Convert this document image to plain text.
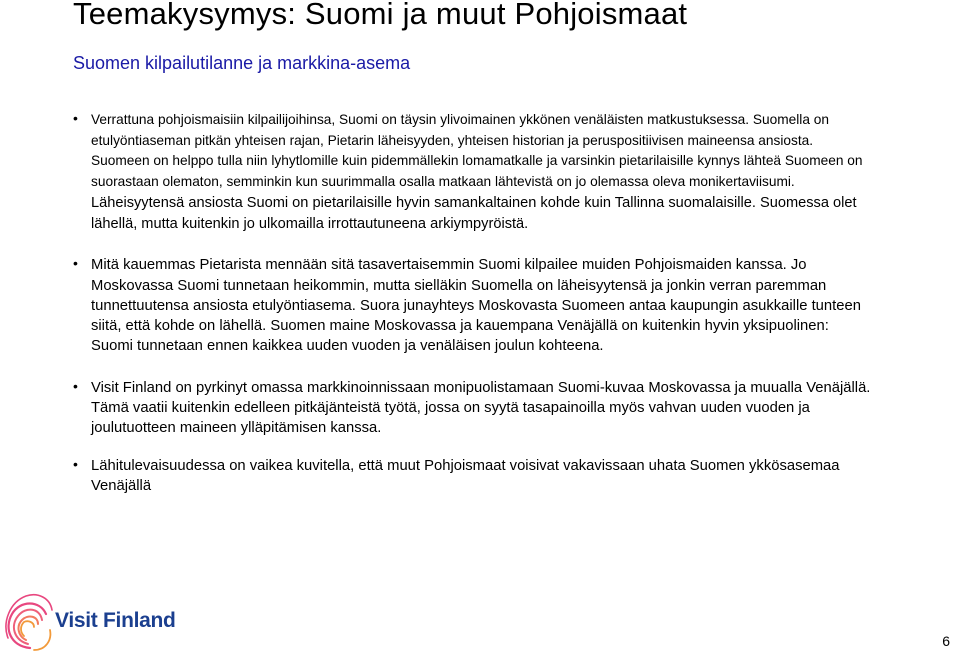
Teemakysymys: Suomi ja muut Pohjoismaat
Suomen kilpailutilanne ja markkina-asema
• Verrattuna pohjoismaisiin kilpailijoihinsa, Suomi on täysin ylivoimainen ykkönen venäläisten matkustuksessa. Suomella on etulyöntiaseman pitkän yhteisen rajan, Pietarin läheisyyden, yhteisen historian ja peruspositiivisen maineensa ansiosta. Suomeen on helppo tulla niin lyhytlomille kuin pidemmällekin lomamatkalle ja varsinkin pietarilaisille kynnys lähteä Suomeen on suorastaan olematon, semminkin kun suurimmalla osalla matkaan lähtevistä on jo olemassa oleva monikertaviisumi.
Läheisyytensä ansiosta Suomi on pietarilaisille hyvin samankaltainen kohde kuin Tallinna suomalaisille. Suomessa olet lähellä, mutta kuitenkin jo ulkomailla irrottautuneena arkiympyröistä.
• Mitä kauemmas Pietarista mennään sitä tasavertaisemmin Suomi kilpailee muiden Pohjoismaiden kanssa. Jo Moskovassa Suomi tunnetaan heikommin, mutta sielläkin Suomella on läheisyytensä ja jonkin verran paremman tunnettuutensa ansiosta etulyöntiasema. Suora junayhteys Moskovasta Suomeen antaa kaupungin asukkaille tunteen siitä, että kohde on lähellä. Suomen maine Moskovassa ja kauempana Venäjällä on kuitenkin hyvin yksipuolinen: Suomi tunnetaan ennen kaikkea uuden vuoden ja venäläisen joulun kohteena.
• Visit Finland on pyrkinyt omassa markkinoinnissaan monipuolistamaan Suomi-kuvaa Moskovassa ja muualla Venäjällä. Tämä vaatii kuitenkin edelleen pitkäjänteistä työtä, jossa on syytä tasapainoilla myös vahvan uuden vuoden ja joulutuotteen maineen ylläpitämisen kanssa.
• Lähitulevaisuudessa on vaikea kuvitella, että muut Pohjoismaat voisivat vakavissaan uhata Suomen ykkösasemaa Venäjällä
Visit Finland
6
